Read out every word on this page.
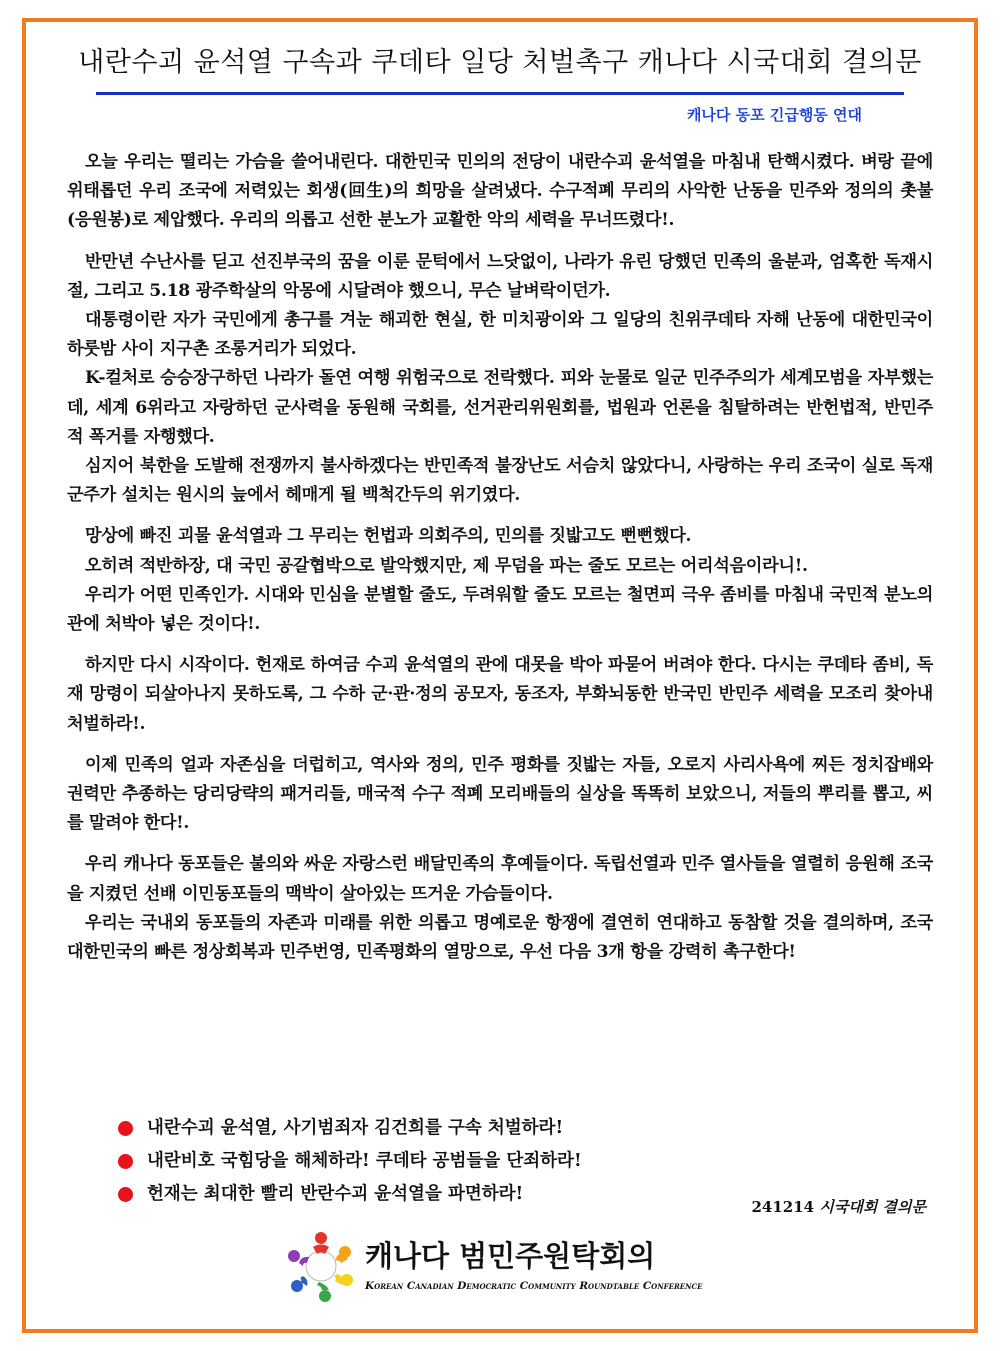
내란수괴 윤석열 구속과 쿠데타 일당 처벌촉구 캐나다 시국대회 결의문
캐나다 동포 긴급행동 연대

오늘 우리는 떨리는 가슴을 쓸어내린다. 대한민국 민의의 전당이 내란수괴 윤석열을 마침내 탄핵시켰다. 벼랑 끝에 위태롭던 우리 조국에 저력있는 회생(回生)의 희망을 살려냈다. 수구적폐 무리의 사악한 난동을 민주와 정의의 촛불(응원봉)로 제압했다. 우리의 의롭고 선한 분노가 교활한 악의 세력을 무너뜨렸다!.

반만년 수난사를 딛고 선진부국의 꿈을 이룬 문턱에서 느닷없이, 나라가 유린 당했던 민족의 울분과, 엄혹한 독재시절, 그리고 5.18 광주학살의 악몽에 시달려야 했으니, 무슨 날벼락이던가.

대통령이란 자가 국민에게 총구를 겨눈 해괴한 현실, 한 미치광이와 그 일당의 친위쿠데타 자해 난동에 대한민국이 하룻밤 사이 지구촌 조롱거리가 되었다.

K-컬처로 승승장구하던 나라가 돌연 여행 위험국으로 전락했다. 피와 눈물로 일군 민주주의가 세계모범을 자부했는데, 세계 6위라고 자랑하던 군사력을 동원해 국회를, 선거관리위원회를, 법원과 언론을 침탈하려는 반헌법적, 반민주적 폭거를 자행했다.

심지어 북한을 도발해 전쟁까지 불사하겠다는 반민족적 불장난도 서슴치 않았다니, 사랑하는 우리 조국이 실로 독재군주가 설치는 원시의 늪에서 헤매게 될 백척간두의 위기였다.

망상에 빠진 괴물 윤석열과 그 무리는 헌법과 의회주의, 민의를 짓밟고도 뻔뻔했다.

오히려 적반하장, 대 국민 공갈협박으로 발악했지만, 제 무덤을 파는 줄도 모르는 어리석음이라니!.

우리가 어떤 민족인가. 시대와 민심을 분별할 줄도, 두려워할 줄도 모르는 철면피 극우 좀비를 마침내 국민적 분노의 관에 처박아 넣은 것이다!.

하지만 다시 시작이다. 헌재로 하여금 수괴 윤석열의 관에 대못을 박아 파묻어 버려야 한다. 다시는 쿠데타 좀비, 독재 망령이 되살아나지 못하도록, 그 수하 군·관·정의 공모자, 동조자, 부화뇌동한 반국민 반민주 세력을 모조리 찾아내 처벌하라!.

이제 민족의 얼과 자존심을 더럽히고, 역사와 정의, 민주 평화를 짓밟는 자들, 오로지 사리사욕에 찌든 정치잡배와 권력만 추종하는 당리당략의 패거리들, 매국적 수구 적폐 모리배들의 실상을 똑똑히 보았으니, 저들의 뿌리를 뽑고, 씨를 말려야 한다!.

우리 캐나다 동포들은 불의와 싸운 자랑스런 배달민족의 후예들이다. 독립선열과 민주 열사들을 열렬히 응원해 조국을 지켰던 선배 이민동포들의 맥박이 살아있는 뜨거운 가슴들이다.

우리는 국내외 동포들의 자존과 미래를 위한 의롭고 명예로운 항쟁에 결연히 연대하고 동참할 것을 결의하며, 조국 대한민국의 빠른 정상회복과 민주번영, 민족평화의 열망으로, 우선 다음 3개 항을 강력히 촉구한다!

내란수괴 윤석열, 사기범죄자 김건희를 구속 처벌하라!
내란비호 국힘당을 해체하라! 쿠데타 공범들을 단죄하라!
헌재는 최대한 빨리 반란수괴 윤석열을 파면하라!
241214 시국대회 결의문
캐나다 범민주원탁회의
Korean Canadian Democratic Community Roundtable Conference
